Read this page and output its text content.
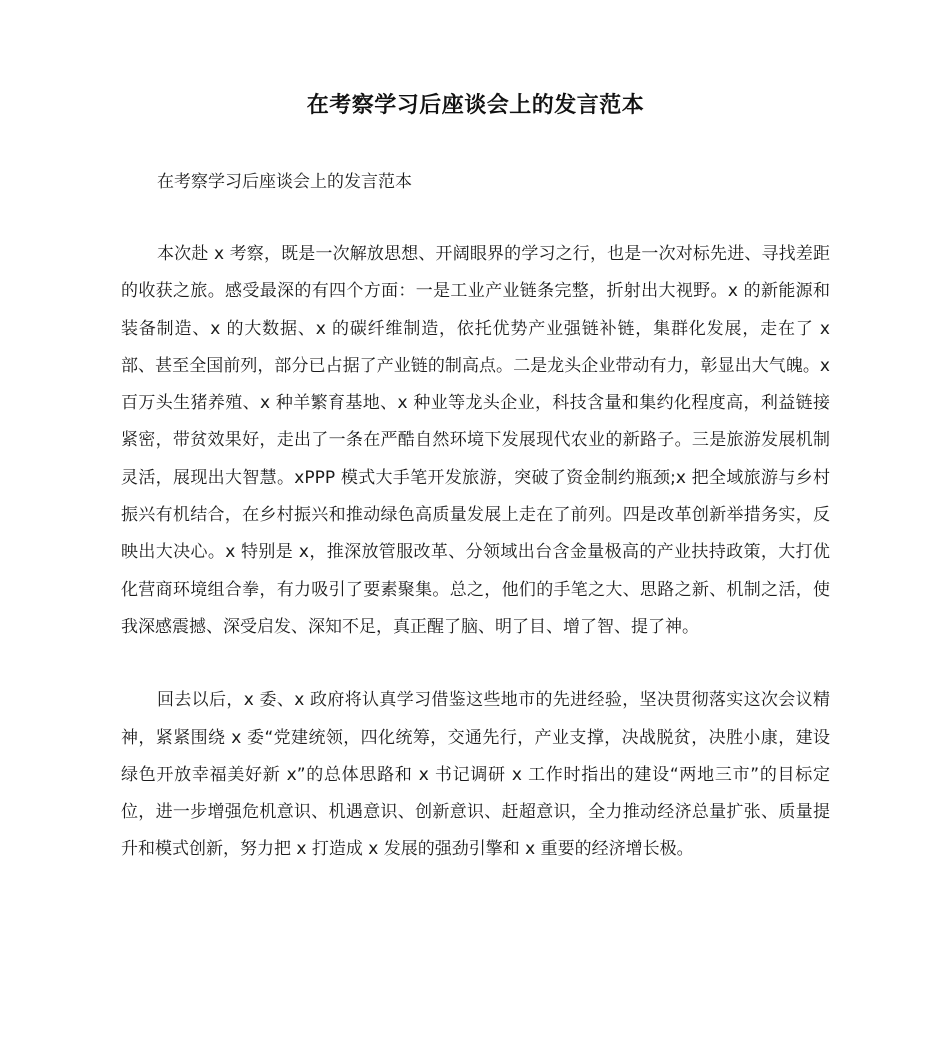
在考察学习后座谈会上的发言范本

在考察学习后座谈会上的发言范本

本次赴 x 考察，既是一次解放思想、开阔眼界的学习之行，也是一次对标先进、寻找差距的收获之旅。感受最深的有四个方面：一是工业产业链条完整，折射出大视野。x 的新能源和装备制造、x 的大数据、x 的碳纤维制造，依托优势产业强链补链，集群化发展，走在了 x 部、甚至全国前列，部分已占据了产业链的制高点。二是龙头企业带动有力，彰显出大气魄。x 百万头生猪养殖、x 种羊繁育基地、x 种业等龙头企业，科技含量和集约化程度高，利益链接紧密，带贫效果好，走出了一条在严酷自然环境下发展现代农业的新路子。三是旅游发展机制灵活，展现出大智慧。xPPP 模式大手笔开发旅游，突破了资金制约瓶颈;x 把全域旅游与乡村振兴有机结合，在乡村振兴和推动绿色高质量发展上走在了前列。四是改革创新举措务实，反映出大决心。x 特别是 x，推深放管服改革、分领域出台含金量极高的产业扶持政策，大打优化营商环境组合拳，有力吸引了要素聚集。总之，他们的手笔之大、思路之新、机制之活，使我深感震撼、深受启发、深知不足，真正醒了脑、明了目、增了智、提了神。

回去以后，x 委、x 政府将认真学习借鉴这些地市的先进经验，坚决贯彻落实这次会议精神，紧紧围绕 x 委“党建统领，四化统筹，交通先行，产业支撑，决战脱贫，决胜小康，建设绿色开放幸福美好新 x”的总体思路和 x 书记调研 x 工作时指出的建设“两地三市”的目标定位，进一步增强危机意识、机遇意识、创新意识、赶超意识，全力推动经济总量扩张、质量提升和模式创新，努力把 x 打造成 x 发展的强劲引擎和 x 重要的经济增长极。
